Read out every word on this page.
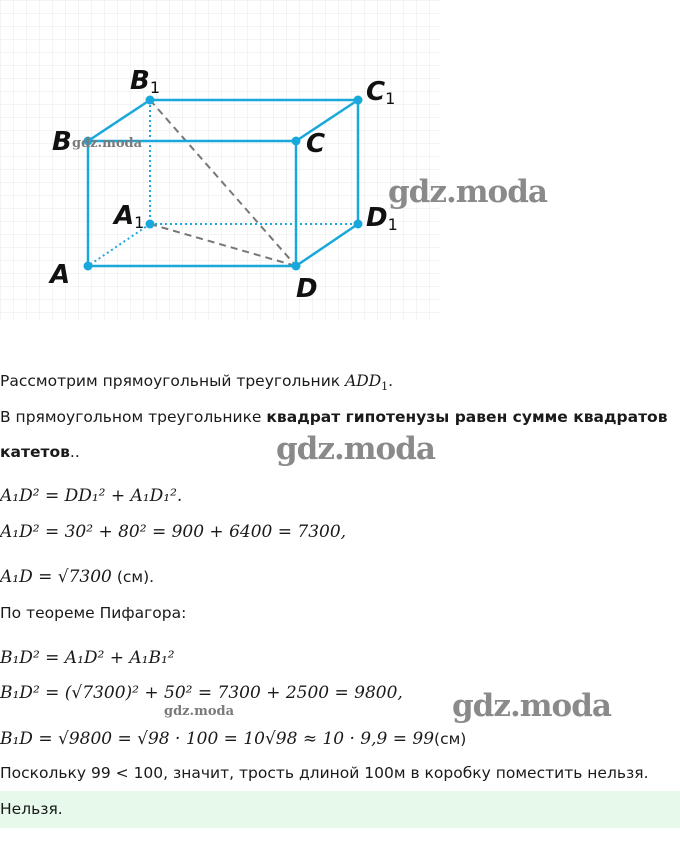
B1	C1
B	C
A1	D1
A	D
gdz.moda
gdz.moda
gdz.moda
gdz.moda
gdz.moda
Рассмотрим прямоугольный треугольник $ADD_1$.
В прямоугольном треугольнике квадрат гипотенузы равен сумме квадратов
катетов..
A₁D² = DD₁² + A₁D₁².
A₁D² = 30² + 80² = 900 + 6400 = 7300,
A₁D = √7300 (см).
По теореме Пифагора:
B₁D² = A₁D² + A₁B₁²
B₁D² = (√7300)² + 50² = 7300 + 2500 = 9800,
B₁D = √9800 = √98 · 100 = 10√98 ≈ 10 · 9,9 = 99(см)
Поскольку 99 < 100, значит, трость длиной 100м в коробку поместить нельзя.
Нельзя.
